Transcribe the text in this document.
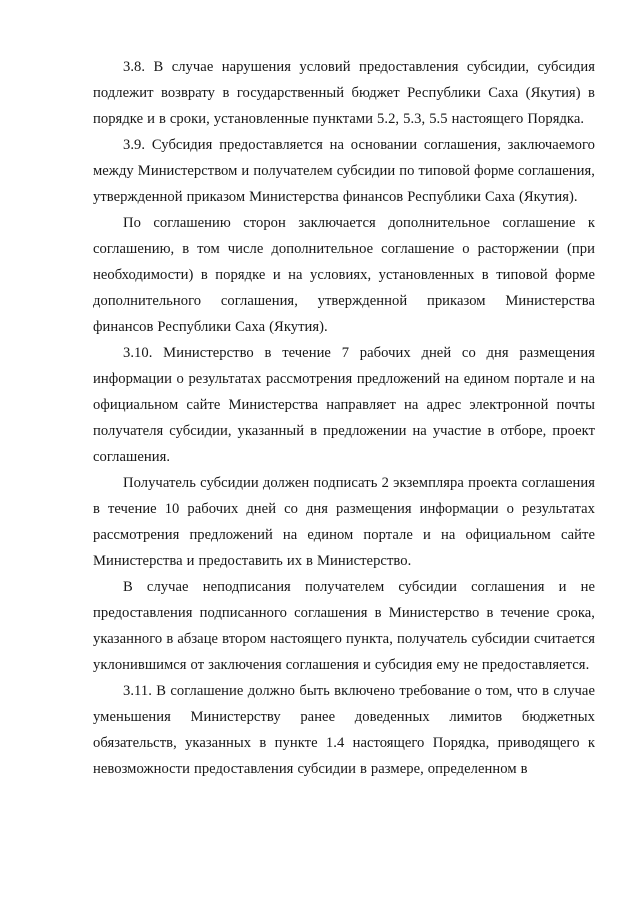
3.8. В случае нарушения условий предоставления субсидии, субсидия подлежит возврату в государственный бюджет Республики Саха (Якутия) в порядке и в сроки, установленные пунктами 5.2, 5.3, 5.5 настоящего Порядка.

3.9. Субсидия предоставляется на основании соглашения, заключаемого между Министерством и получателем субсидии по типовой форме соглашения, утвержденной приказом Министерства финансов Республики Саха (Якутия).

По соглашению сторон заключается дополнительное соглашение к соглашению, в том числе дополнительное соглашение о расторжении (при необходимости) в порядке и на условиях, установленных в типовой форме дополнительного соглашения, утвержденной приказом Министерства финансов Республики Саха (Якутия).

3.10. Министерство в течение 7 рабочих дней со дня размещения информации о результатах рассмотрения предложений на едином портале и на официальном сайте Министерства направляет на адрес электронной почты получателя субсидии, указанный в предложении на участие в отборе, проект соглашения.

Получатель субсидии должен подписать 2 экземпляра проекта соглашения в течение 10 рабочих дней со дня размещения информации о результатах рассмотрения предложений на едином портале и на официальном сайте Министерства и предоставить их в Министерство.

В случае неподписания получателем субсидии соглашения и не предоставления подписанного соглашения в Министерство в течение срока, указанного в абзаце втором настоящего пункта, получатель субсидии считается уклонившимся от заключения соглашения и субсидия ему не предоставляется.

3.11. В соглашение должно быть включено требование о том, что в случае уменьшения Министерству ранее доведенных лимитов бюджетных обязательств, указанных в пункте 1.4 настоящего Порядка, приводящего к невозможности предоставления субсидии в размере, определенном в
